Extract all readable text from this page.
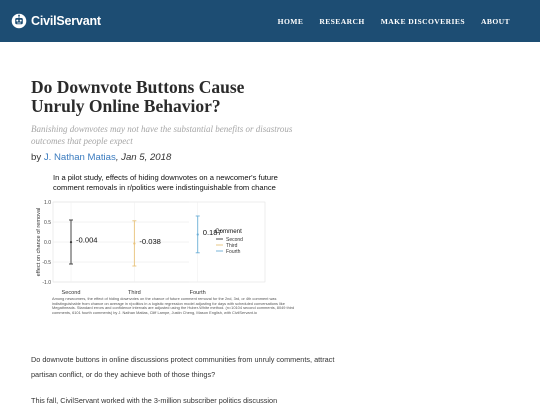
CivilServant	HOME RESEARCH MAKE DISCOVERIES ABOUT
Do Downvote Buttons Cause Unruly Online Behavior?

Banishing downvotes may not have the substantial benefits or disastrous outcomes that people expect

by J. Nathan Matias, Jan 5, 2018

In a pilot study, effects of hiding downvotes on a newcomer's future comment removals in r/politics were indistinguishable from chance
effect on chance of removal
-1.0
-0.5
0.0
0.5
1.0
Second	Third	Fourth
-0.004	-0.038
0.187
Comment
Second
Third
Fourth
Among newcomers, the effect of hiding downvotes on the chance of future comment removal for the 2nd, 3rd, or 4th comment was indistinguishable from chance on average in r/politics in a logistic regression model adjusting for days with scheduled conversations like Megathreads. Standard errors and confidence intervals are adjusted using the Huber-White method. (n=10104 second comments, 8049 third comments, 6101 fourth comments) by J. Nathan Matias, Cliff Lampe, Justin Cheng, Mason English, with CivilServant.io

Do downvote buttons in online discussions protect communities from unruly comments, attract partisan conflict, or do they achieve both of those things?

This fall, CivilServant worked with the 3-million subscriber politics discussion
